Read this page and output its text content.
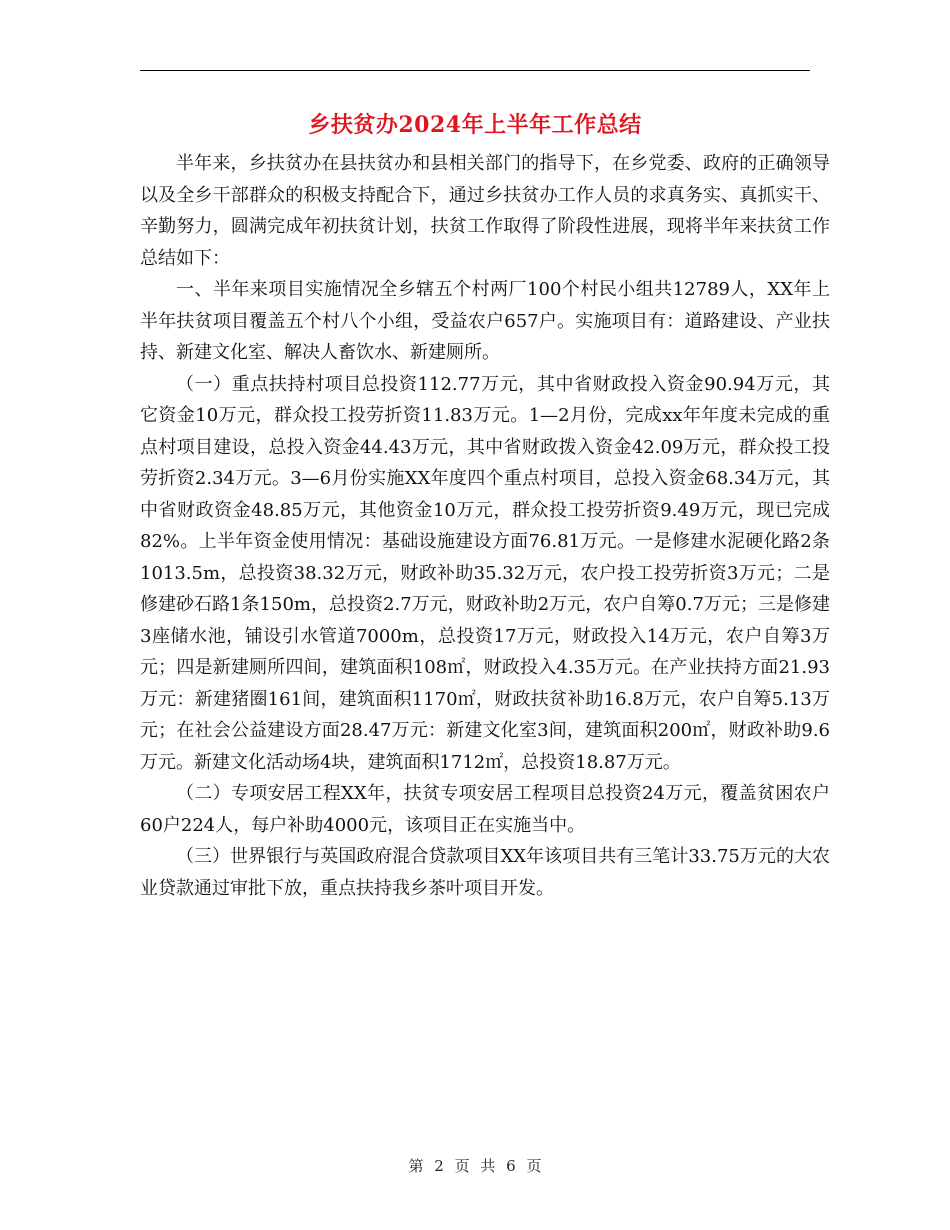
乡扶贫办2024年上半年工作总结

半年来，乡扶贫办在县扶贫办和县相关部门的指导下，在乡党委、政府的正确领导以及全乡干部群众的积极支持配合下，通过乡扶贫办工作人员的求真务实、真抓实干、辛勤努力，圆满完成年初扶贫计划，扶贫工作取得了阶段性进展，现将半年来扶贫工作总结如下：

一、半年来项目实施情况全乡辖五个村两厂100个村民小组共12789人，XX年上半年扶贫项目覆盖五个村八个小组，受益农户657户。实施项目有：道路建设、产业扶持、新建文化室、解决人畜饮水、新建厕所。

（一）重点扶持村项目总投资112.77万元，其中省财政投入资金90.94万元，其它资金10万元，群众投工投劳折资11.83万元。1—2月份，完成xx年年度未完成的重点村项目建设，总投入资金44.43万元，其中省财政拨入资金42.09万元，群众投工投劳折资2.34万元。3—6月份实施XX年度四个重点村项目，总投入资金68.34万元，其中省财政资金48.85万元，其他资金10万元，群众投工投劳折资9.49万元，现已完成82%。上半年资金使用情况：基础设施建设方面76.81万元。一是修建水泥硬化路2条1013.5m，总投资38.32万元，财政补助35.32万元，农户投工投劳折资3万元；二是修建砂石路1条150m，总投资2.7万元，财政补助2万元，农户自筹0.7万元；三是修建3座储水池，铺设引水管道7000m，总投资17万元，财政投入14万元，农户自筹3万元；四是新建厕所四间，建筑面积108㎡，财政投入4.35万元。在产业扶持方面21.93万元：新建猪圈161间，建筑面积1170㎡，财政扶贫补助16.8万元，农户自筹5.13万元；在社会公益建设方面28.47万元：新建文化室3间，建筑面积200㎡，财政补助9.6万元。新建文化活动场4块，建筑面积1712㎡，总投资18.87万元。

（二）专项安居工程XX年，扶贫专项安居工程项目总投资24万元，覆盖贫困农户60户224人，每户补助4000元，该项目正在实施当中。

（三）世界银行与英国政府混合贷款项目XX年该项目共有三笔计33.75万元的大农业贷款通过审批下放，重点扶持我乡茶叶项目开发。

第 2 页 共 6 页
